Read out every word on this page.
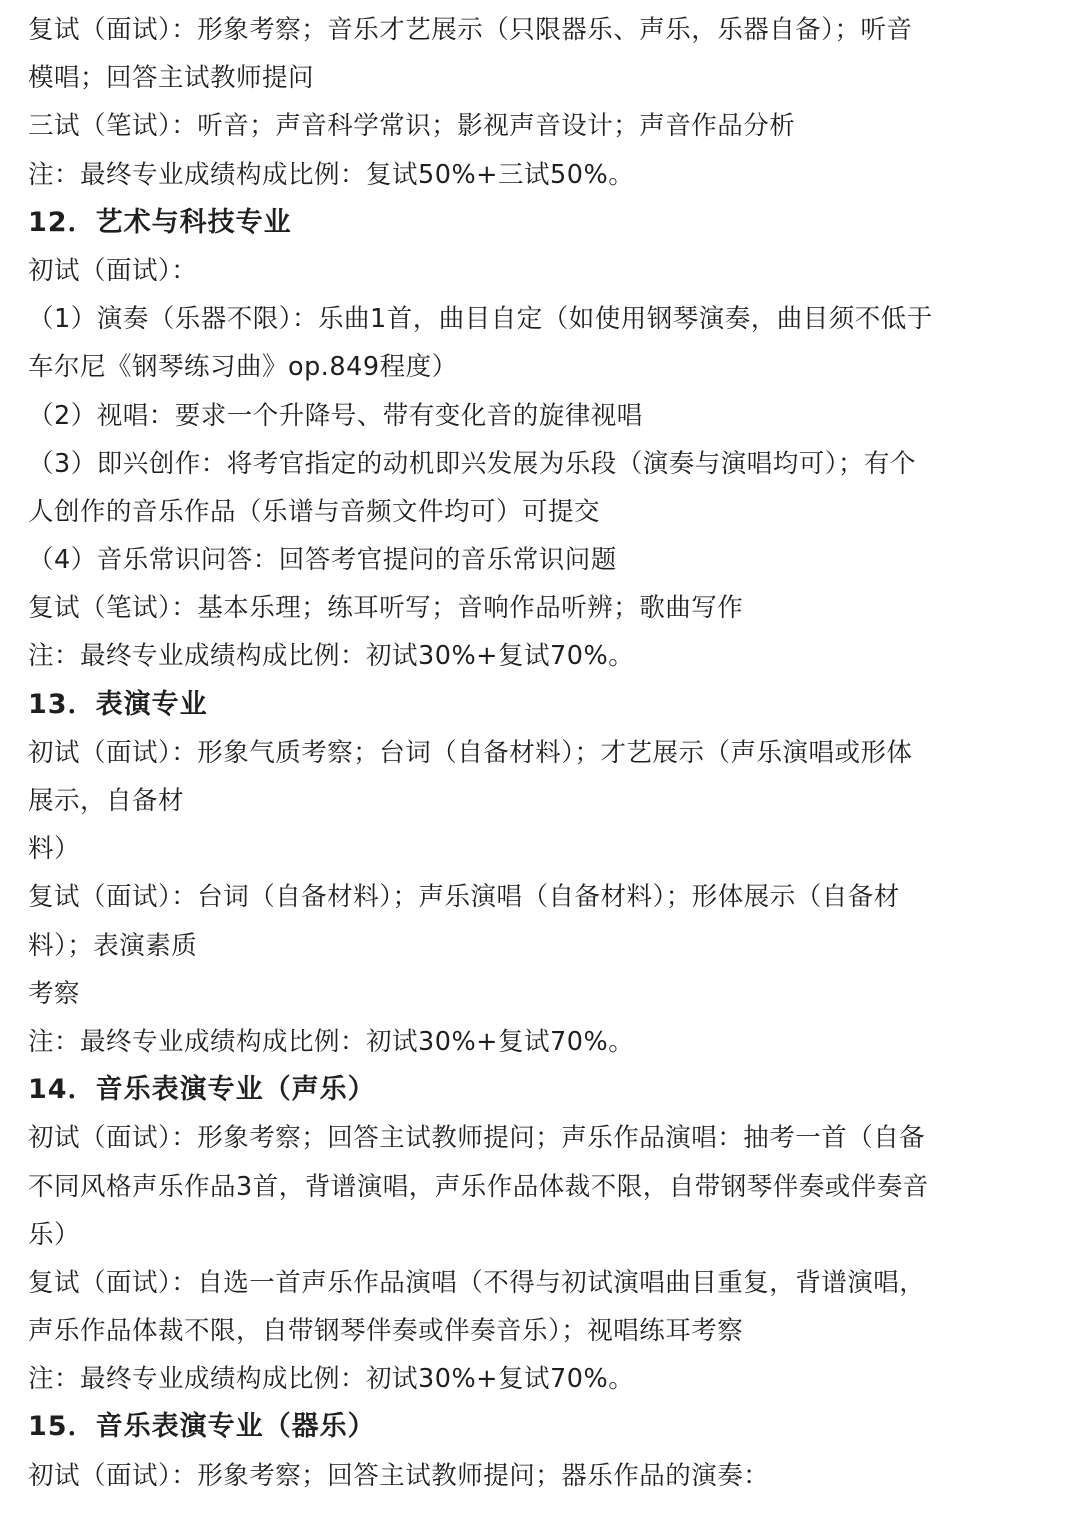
复试（面试）：形象考察；音乐才艺展示（只限器乐、声乐，乐器自备）；听音
模唱；回答主试教师提问
三试（笔试）：听音；声音科学常识；影视声音设计；声音作品分析
注：最终专业成绩构成比例：复试50%+三试50%。
12．艺术与科技专业
初试（面试）：
（1）演奏（乐器不限）：乐曲1首，曲目自定（如使用钢琴演奏，曲目须不低于
车尔尼《钢琴练习曲》op.849程度）
（2）视唱：要求一个升降号、带有变化音的旋律视唱
（3）即兴创作：将考官指定的动机即兴发展为乐段（演奏与演唱均可）；有个
人创作的音乐作品（乐谱与音频文件均可）可提交
（4）音乐常识问答：回答考官提问的音乐常识问题
复试（笔试）：基本乐理；练耳听写；音响作品听辨；歌曲写作
注：最终专业成绩构成比例：初试30%+复试70%。
13．表演专业
初试（面试）：形象气质考察；台词（自备材料）；才艺展示（声乐演唱或形体
展示，自备材
料）
复试（面试）：台词（自备材料）；声乐演唱（自备材料）；形体展示（自备材
料）；表演素质
考察
注：最终专业成绩构成比例：初试30%+复试70%。
14．音乐表演专业（声乐）
初试（面试）：形象考察；回答主试教师提问；声乐作品演唱：抽考一首（自备
不同风格声乐作品3首，背谱演唱，声乐作品体裁不限，自带钢琴伴奏或伴奏音
乐）
复试（面试）：自选一首声乐作品演唱（不得与初试演唱曲目重复，背谱演唱，
声乐作品体裁不限，自带钢琴伴奏或伴奏音乐）；视唱练耳考察
注：最终专业成绩构成比例：初试30%+复试70%。
15．音乐表演专业（器乐）
初试（面试）：形象考察；回答主试教师提问；器乐作品的演奏：
